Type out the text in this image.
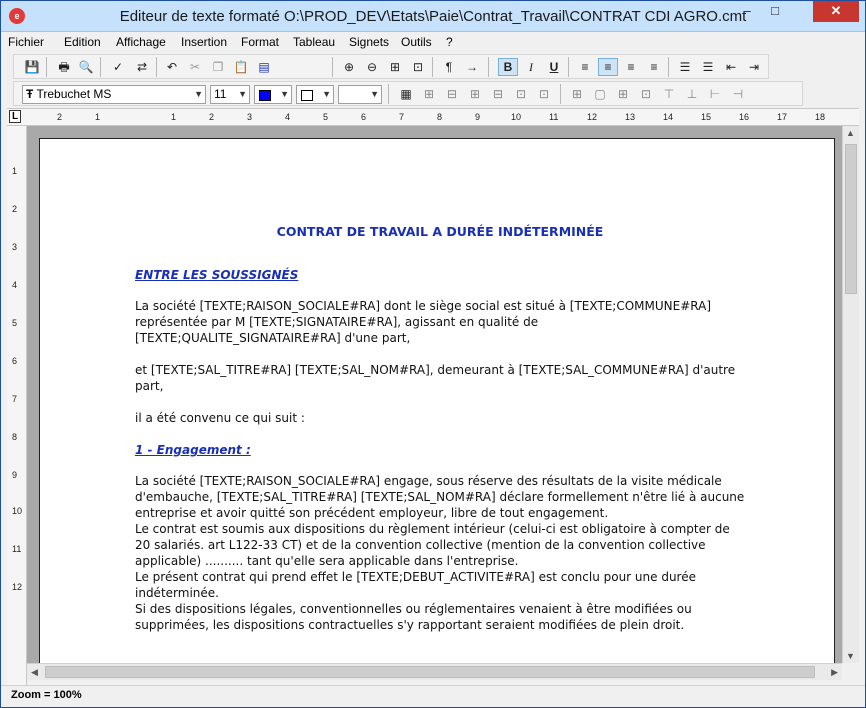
e	Editeur de texte formaté O:\PROD_DEV\Etats\Paie\Contrat_Travail\CONTRAT CDI AGRO.cmt
–	□	✕
Fichier Edition Affichage Insertion Format Tableau Signets Outils ?
💾	🖶 🔍	✓	⇄	↶	✂	❐ 📋 ▤	⊕	⊖	⊞	⊡	¶	→	B	I	U	≡	≡	≡	≡	☰	☰	⇤	⇥
Ŧ Trebuchet MS	▼ 11 ▼	▼	▼	▼	▦	⊞	⊟	⊞	⊟	⊡	⊡	⊞	▢	⊞	⊡	⊤	⊥	⊢	⊣
2	1	1	2	3	4	5	6	7	8	9	10	11	12	13	14	15	16	17	18
L
1
2
3
4
5
6
7
8
9
10
11
12
CONTRAT DE TRAVAIL A DURÉE INDÉTERMINÉE
ENTRE LES SOUSSIGNÉS
La société [TEXTE;RAISON_SOCIALE#RA] dont le siège social est situé à [TEXTE;COMMUNE#RA] représentée par M [TEXTE;SIGNATAIRE#RA], agissant en qualité de [TEXTE;QUALITE_SIGNATAIRE#RA] d'une part,
et [TEXTE;SAL_TITRE#RA] [TEXTE;SAL_NOM#RA], demeurant à [TEXTE;SAL_COMMUNE#RA] d'autre part,
il a été convenu ce qui suit :
1 - Engagement :
La société [TEXTE;RAISON_SOCIALE#RA] engage, sous réserve des résultats de la visite médicale d'embauche, [TEXTE;SAL_TITRE#RA] [TEXTE;SAL_NOM#RA] déclare formellement n'être lié à aucune entreprise et avoir quitté son précédent employeur, libre de tout engagement.
Le contrat est soumis aux dispositions du règlement intérieur (celui-ci est obligatoire à compter de 20 salariés. art L122-33 CT) et de la convention collective (mention de la convention collective applicable) .......... tant qu'elle sera applicable dans l'entreprise.
Le présent contrat qui prend effet le [TEXTE;DEBUT_ACTIVITE#RA] est conclu pour une durée indéterminée.
Si des dispositions légales, conventionnelles ou réglementaires venaient à être modifiées ou supprimées, les dispositions contractuelles s'y rapportant seraient modifiées de plein droit.
▲
▼
◀	▶
Zoom = 100%
